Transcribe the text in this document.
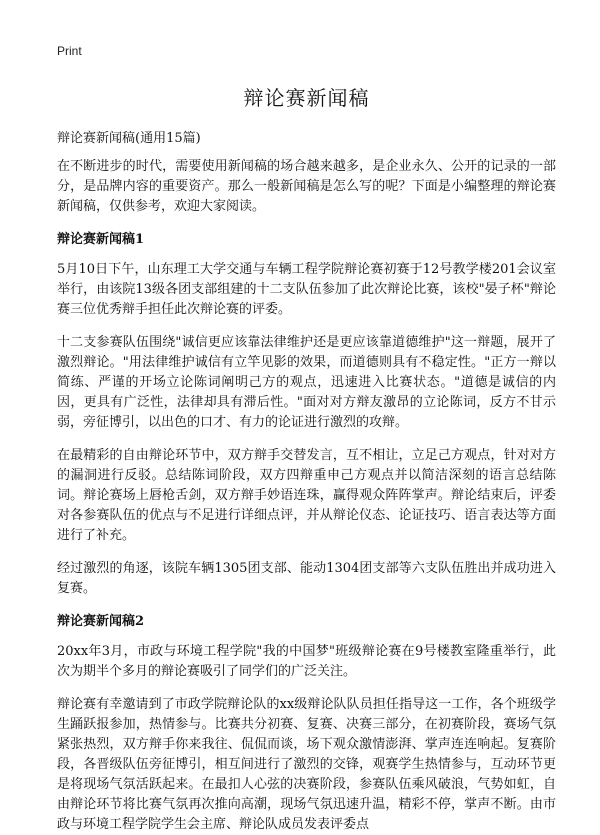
Print
辩论赛新闻稿
辩论赛新闻稿(通用15篇)

在不断进步的时代，需要使用新闻稿的场合越来越多，是企业永久、公开的记录的一部分，是品牌内容的重要资产。那么一般新闻稿是怎么写的呢？下面是小编整理的辩论赛新闻稿，仅供参考，欢迎大家阅读。

辩论赛新闻稿1

5月10日下午，山东理工大学交通与车辆工程学院辩论赛初赛于12号教学楼201会议室举行，由该院13级各团支部组建的十二支队伍参加了此次辩论比赛，该校"晏子杯"辩论赛三位优秀辩手担任此次辩论赛的评委。

十二支参赛队伍围绕"诚信更应该靠法律维护还是更应该靠道德维护"这一辩题，展开了激烈辩论。"用法律维护诚信有立竿见影的效果，而道德则具有不稳定性。"正方一辩以简练、严谨的开场立论陈词阐明己方的观点，迅速进入比赛状态。"道德是诚信的内因，更具有广泛性，法律却具有滞后性。"面对对方辩友激昂的立论陈词，反方不甘示弱，旁征博引，以出色的口才、有力的论证进行激烈的攻辩。

在最精彩的自由辩论环节中，双方辩手交替发言，互不相让，立足己方观点，针对对方的漏洞进行反驳。总结陈词阶段，双方四辩重申己方观点并以简洁深刻的语言总结陈词。辩论赛场上唇枪舌剑，双方辩手妙语连珠，赢得观众阵阵掌声。辩论结束后，评委对各参赛队伍的优点与不足进行详细点评，并从辩论仪态、论证技巧、语言表达等方面进行了补充。

经过激烈的角逐，该院车辆1305团支部、能动1304团支部等六支队伍胜出并成功进入复赛。

辩论赛新闻稿2

20xx年3月，市政与环境工程学院"我的中国梦"班级辩论赛在9号楼教室隆重举行，此次为期半个多月的辩论赛吸引了同学们的广泛关注。

辩论赛有幸邀请到了市政学院辩论队的xx级辩论队队员担任指导这一工作，各个班级学生踊跃报参加，热情参与。比赛共分初赛、复赛、决赛三部分，在初赛阶段，赛场气氛紧张热烈，双方辩手你来我往、侃侃而谈，场下观众激情澎湃、掌声连连响起。复赛阶段，各晋级队伍旁征博引，相互间进行了激烈的交锋，观赛学生热情参与，互动环节更是将现场气氛活跃起来。在最扣人心弦的决赛阶段，参赛队伍乘风破浪，气势如虹，自由辩论环节将比赛气氛再次推向高潮，现场气氛迅速升温，精彩不停，掌声不断。由市政与环境工程学院学生会主席、辩论队成员发表评委点
